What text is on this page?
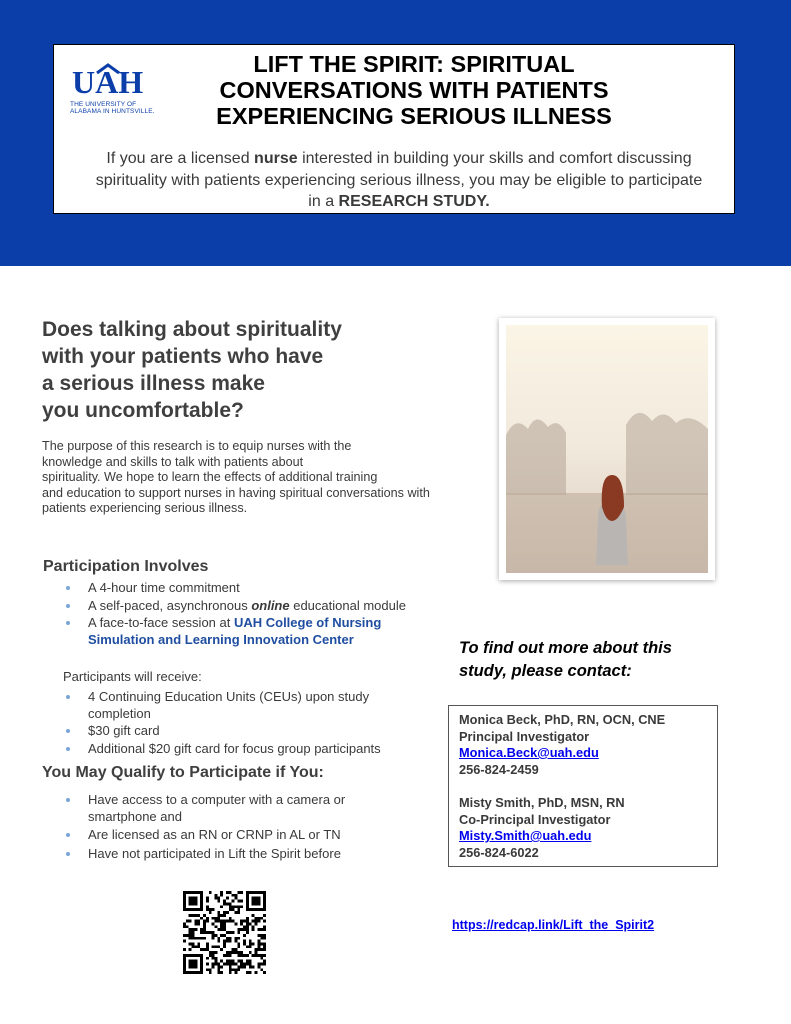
UAH
THE UNIVERSITY OF
ALABAMA IN HUNTSVILLE.
LIFT THE SPIRIT: SPIRITUAL
CONVERSATIONS WITH PATIENTS
EXPERIENCING SERIOUS ILLNESS
If you are a licensed nurse interested in building your skills and comfort discussing spirituality with patients experiencing serious illness, you may be eligible to participate in a RESEARCH STUDY.
Does talking about spirituality
with your patients who have
a serious illness make
you uncomfortable?
The purpose of this research is to equip nurses with the
knowledge and skills to talk with patients about
spirituality. We hope to learn the effects of additional training
and education to support nurses in having spiritual conversations with
patients experiencing serious illness.
Participation Involves
A 4-hour time commitment
A self-paced, asynchronous online educational module
A face-to-face session at UAH College of Nursing Simulation and Learning Innovation Center
Participants will receive:
4 Continuing Education Units (CEUs) upon study completion
$30 gift card
Additional $20 gift card for focus group participants
You May Qualify to Participate if You:
Have access to a computer with a camera or smartphone and
Are licensed as an RN or CRNP in AL or TN
Have not participated in Lift the Spirit before
To find out more about this
study, please contact:
Monica Beck, PhD, RN, OCN, CNE
Principal Investigator
Monica.Beck@uah.edu
256-824-2459
Misty Smith, PhD, MSN, RN
Co-Principal Investigator
Misty.Smith@uah.edu
256-824-6022
https://redcap.link/Lift_the_Spirit2
